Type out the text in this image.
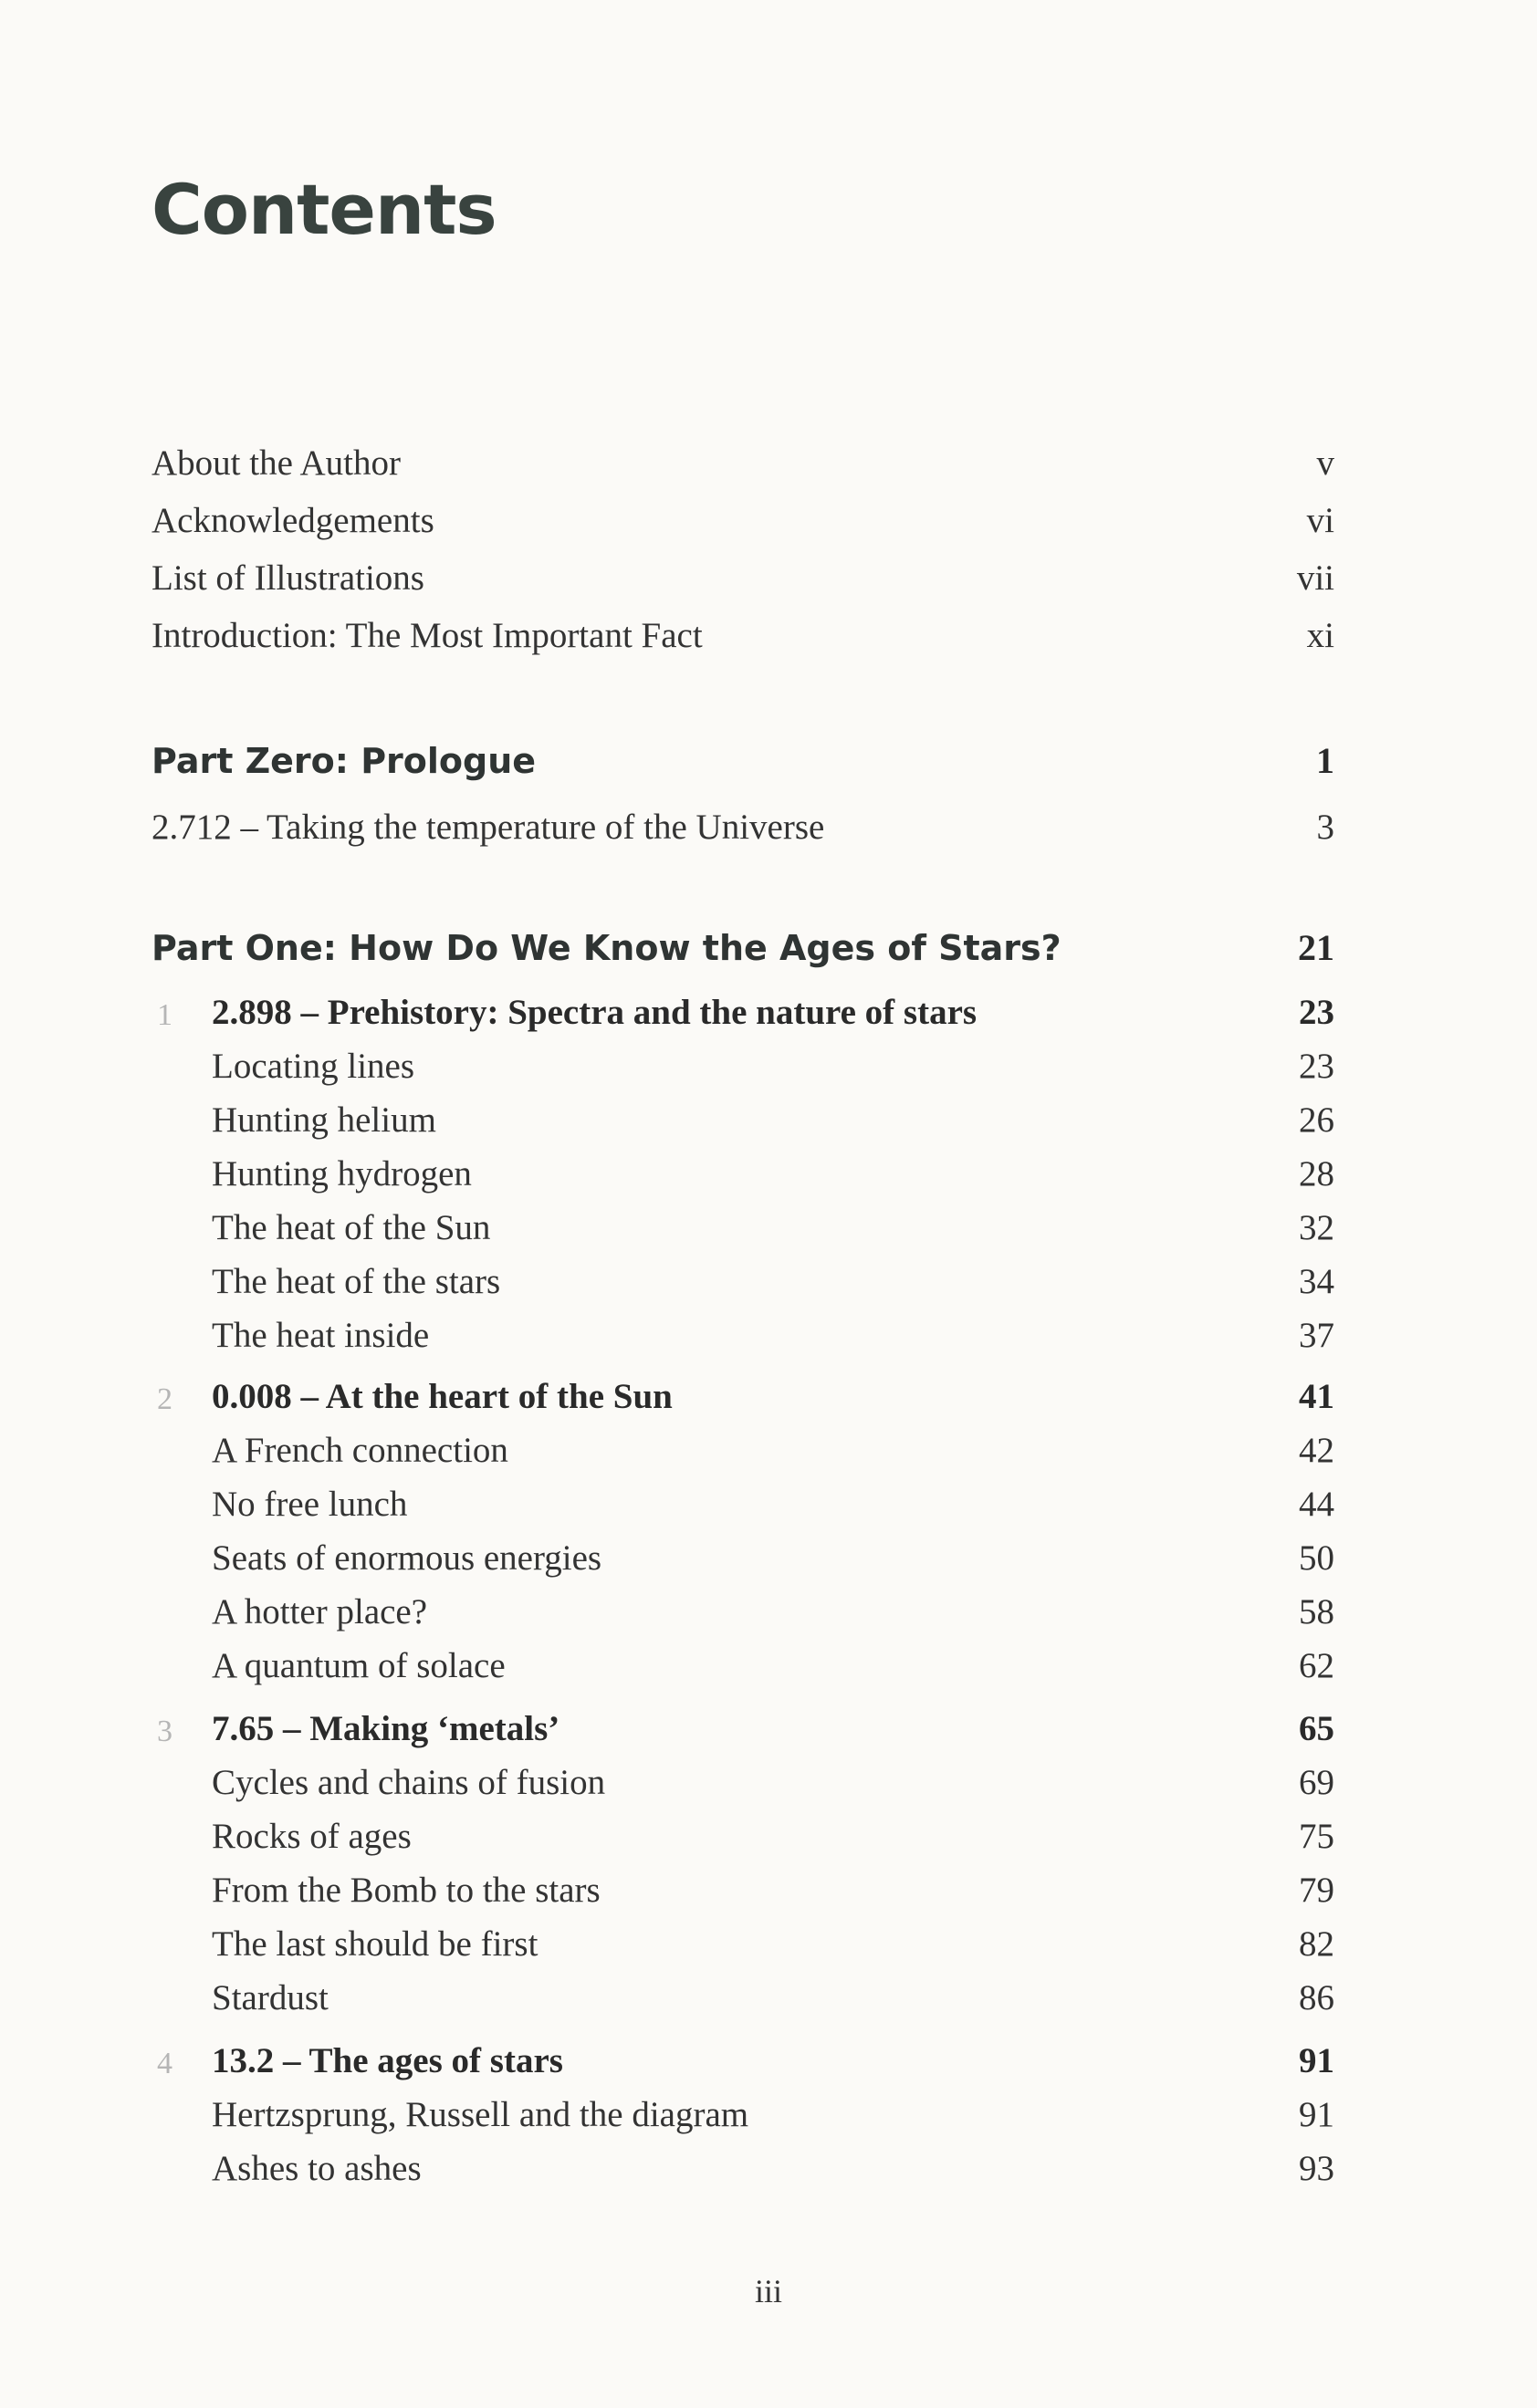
Contents
About the Author	v
Acknowledgements	vi
List of Illustrations	vii
Introduction: The Most Important Fact	xi
Part Zero: Prologue	1
2.712 – Taking the temperature of the Universe	3
Part One: How Do We Know the Ages of Stars?	21
1 2.898 – Prehistory: Spectra and the nature of stars	23
Locating lines	23
Hunting helium	26
Hunting hydrogen	28
The heat of the Sun	32
The heat of the stars	34
The heat inside	37
2 0.008 – At the heart of the Sun	41
A French connection	42
No free lunch	44
Seats of enormous energies	50
A hotter place?	58
A quantum of solace	62
3 7.65 – Making ‘metals’	65
Cycles and chains of fusion	69
Rocks of ages	75
From the Bomb to the stars	79
The last should be first	82
Stardust	86
4 13.2 – The ages of stars	91
Hertzsprung, Russell and the diagram	91
Ashes to ashes	93
iii
